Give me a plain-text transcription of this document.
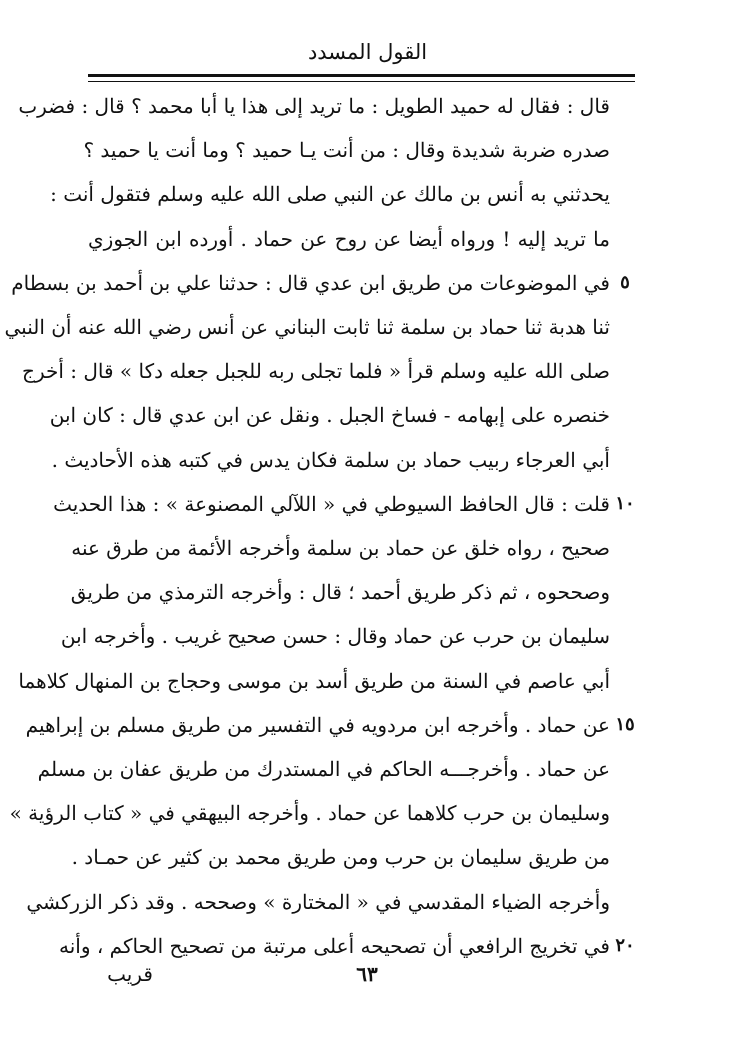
القول المسدد
قال : فقال له حميد الطويل : ما تريد إلى هذا يا أبا محمد ؟ قال : فضرب
صدره ضربة شديدة وقال : من أنت يـا حميد ؟ وما أنت يا حميد ؟
يحدثني به أنس بن مالك عن النبي صلى الله عليه وسلم فتقول أنت :
ما تريد إليه ! ورواه أيضا عن روح عن حماد . أورده ابن الجوزي
في الموضوعات من طريق ابن عدي قال : حدثنا علي بن أحمد بن بسطام ٥
ثنا هدبة ثنا حماد بن سلمة ثنا ثابت البناني عن أنس رضي الله عنه أن النبي
صلى الله عليه وسلم قرأ « فلما تجلى ربه للجبل جعله دكا » قال : أخرج
خنصره على إبهامه - فساخ الجبل . ونقل عن ابن عدي قال : كان ابن
أبي العرجاء ربيب حماد بن سلمة فكان يدس في كتبه هذه الأحاديث .
قلت : قال الحافظ السيوطي في « اللآلي المصنوعة » : هذا الحديث ١٠
صحيح ، رواه خلق عن حماد بن سلمة وأخرجه الأئمة من طرق عنه
وصححوه ، ثم ذكر طريق أحمد ؛ قال : وأخرجه الترمذي من طريق
سليمان بن حرب عن حماد وقال : حسن صحيح غريب . وأخرجه ابن
أبي عاصم في السنة من طريق أسد بن موسى وحجاج بن المنهال كلاهما
عن حماد . وأخرجه ابن مردويه في التفسير من طريق مسلم بن إبراهيم ١٥
عن حماد . وأخرجـــه الحاكم في المستدرك من طريق عفان بن مسلم
وسليمان بن حرب كلاهما عن حماد . وأخرجه البيهقي في « كتاب الرؤية »
من طريق سليمان بن حرب ومن طريق محمد بن كثير عن حمـاد .
وأخرجه الضياء المقدسي في « المختارة » وصححه . وقد ذكر الزركشي
في تخريج الرافعي أن تصحيحه أعلى مرتبة من تصحيح الحاكم ، وأنه ٢٠
٦٣
قريب
